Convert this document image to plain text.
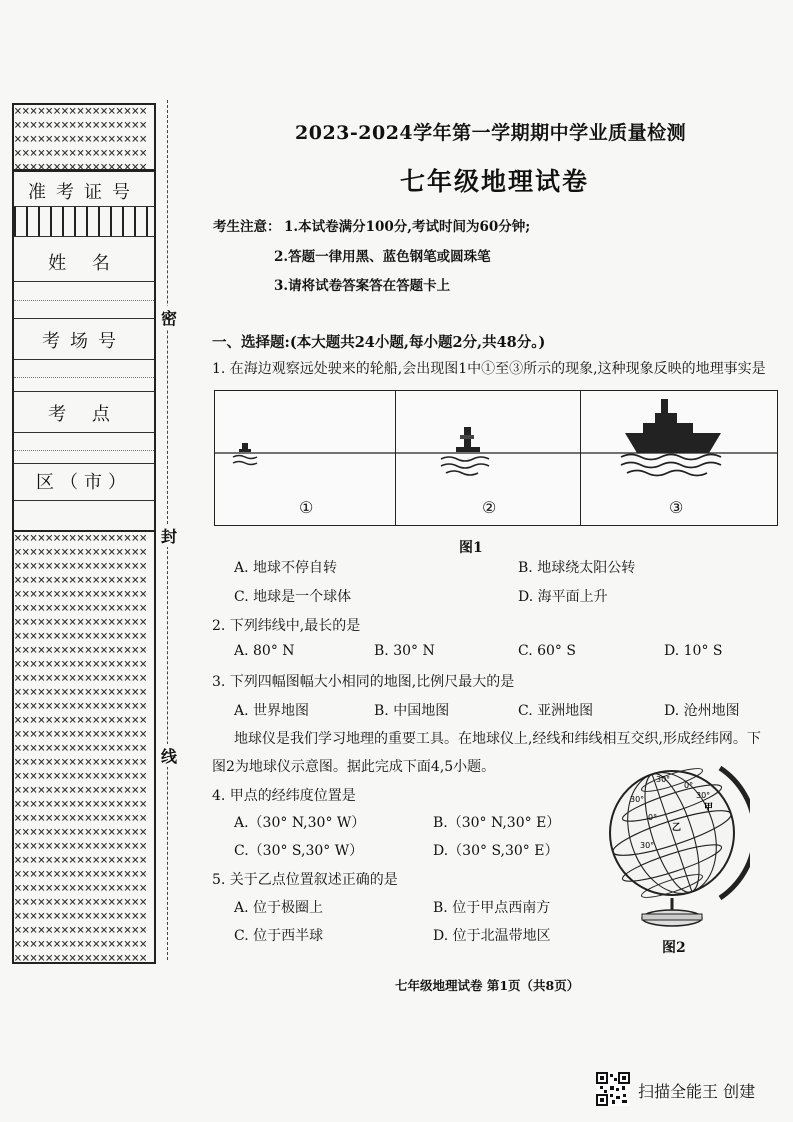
×××××××××××××××××××××××××××××××××××××××××××××××××××××××××××××××××××××××××××××××××××××
准考证号
姓 名
考场号
考 点
区（市）
×××××××××××××××××××××××××××××××××××××××××××××××××××××××××××××××××××××××××××××××××××××××××××××××××××××××××××××××××××××××××××××××××××××××××××××××××××××××××××××××××××××××××××××××××××××××××××××××××××××××××××××××××××××××××××××××××××××××××××××××××××××××××××××××××××××××××××××××××××××××××××××××××××××××××××××××××××××××××××××××××××××××××××××××××××××××××××××××××××××××××××××××××××××××××××××××××××××××××××××××××××××××××××××××××××××××××××××××××××××××××××××××××××××××××××××××××××××××××××××××××××××××××××××××××××××××××××××××××××××××××××××××
密
封
线
2023-2024学年第一学期期中学业质量检测
七年级地理试卷
考生注意： 1.本试卷满分100分,考试时间为60分钟;
2.答题一律用黑、蓝色钢笔或圆珠笔
3.请将试卷答案答在答题卡上
一、选择题:(本大题共24小题,每小题2分,共48分。)
1. 在海边观察远处驶来的轮船,会出现图1中①至③所示的现象,这种现象反映的地理事实是
①	②	③
图1
A. 地球不停自转	B. 地球绕太阳公转
C. 地球是一个球体	D. 海平面上升
2. 下列纬线中,最长的是
A. 80° N	B. 30° N	C. 60° S	D. 10° S
3. 下列四幅图幅大小相同的地图,比例尺最大的是
A. 世界地图	B. 中国地图	C. 亚洲地图	D. 沧州地图
地球仪是我们学习地理的重要工具。在地球仪上,经线和纬线相互交织,形成经纬网。下
图2为地球仪示意图。据此完成下面4,5小题。
4. 甲点的经纬度位置是
A.（30° N,30° W）	B.（30° N,30° E）
C.（30° S,30° W）	D.（30° S,30° E）
5. 关于乙点位置叙述正确的是
A. 位于极圈上	B. 位于甲点西南方
C. 位于西半球	D. 位于北温带地区
30°
0°
30°	30°
甲
乙
0°
30°
图2
七年级地理试卷 第1页（共8页）
扫描全能王 创建
